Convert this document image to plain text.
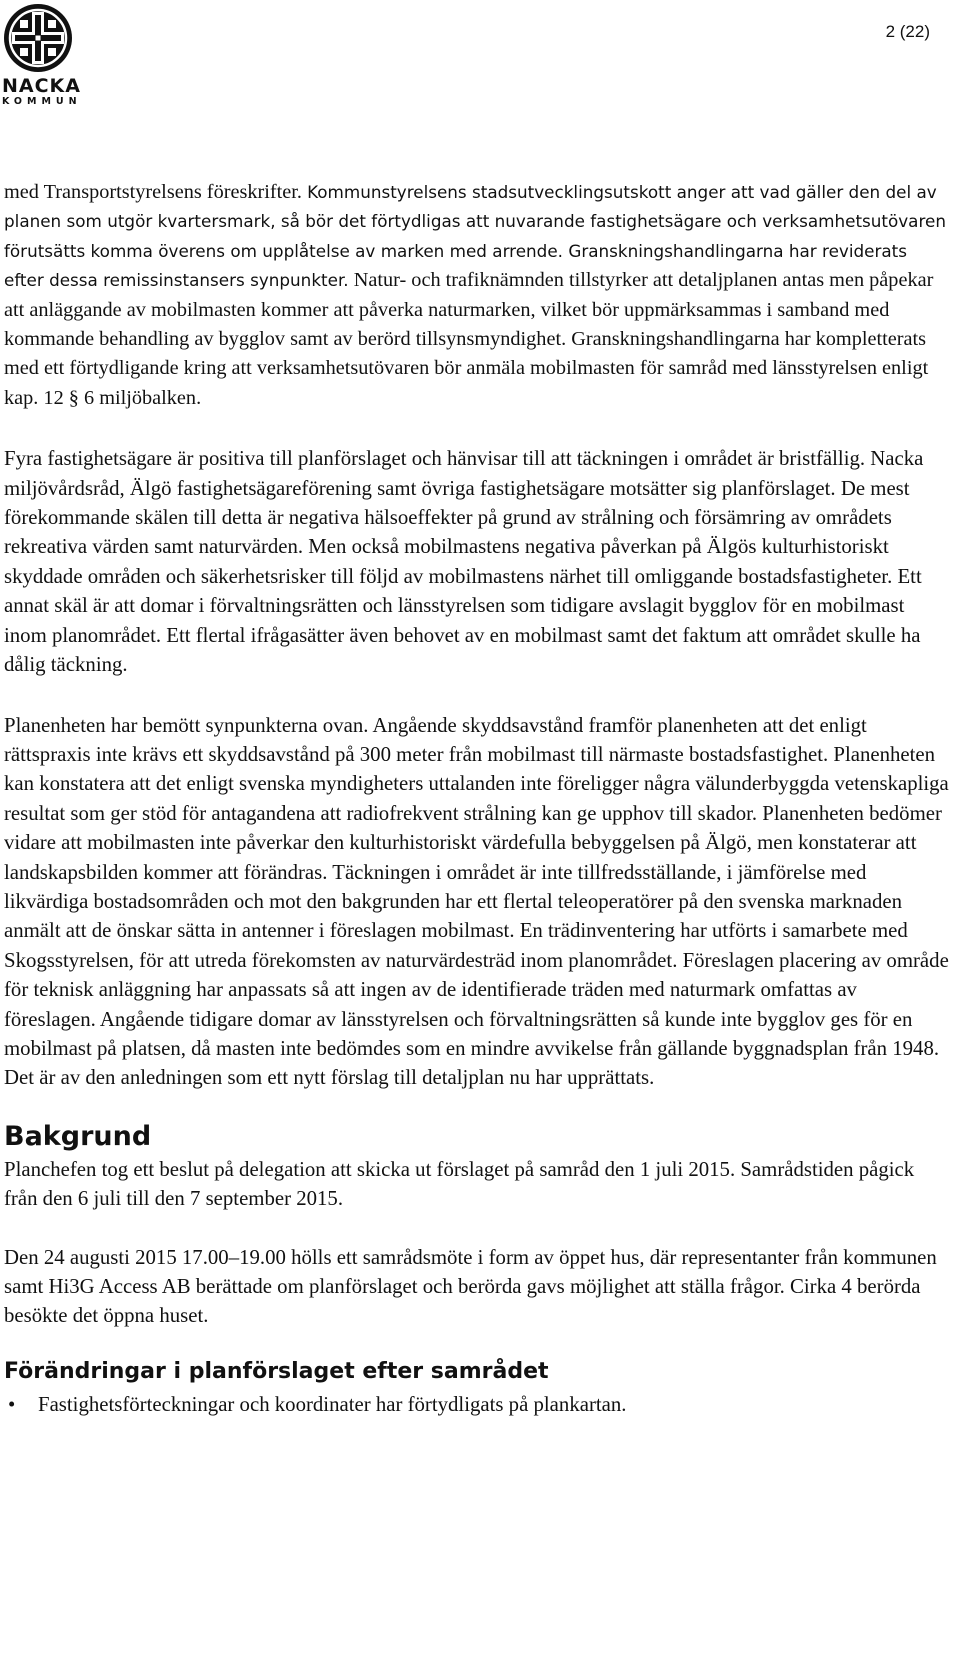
NACKA
KOMMUN
2 (22)

med Transportstyrelsens föreskrifter. Kommunstyrelsens stadsutvecklingsutskott anger att vad gäller den del av planen som utgör kvartersmark, så bör det förtydligas att nuvarande fastighetsägare och verksamhetsutövaren förutsätts komma överens om upplåtelse av marken med arrende. Granskningshandlingarna har reviderats efter dessa remissinstansers synpunkter. Natur- och trafiknämnden tillstyrker att detaljplanen antas men påpekar att anläggande av mobilmasten kommer att påverka naturmarken, vilket bör uppmärksammas i samband med kommande behandling av bygglov samt av berörd tillsynsmyndighet. Granskningshandlingarna har kompletterats med ett förtydligande kring att verksamhetsutövaren bör anmäla mobilmasten för samråd med länsstyrelsen enligt kap. 12 § 6 miljöbalken.

Fyra fastighetsägare är positiva till planförslaget och hänvisar till att täckningen i området är bristfällig. Nacka miljövårdsråd, Älgö fastighetsägareförening samt övriga fastighetsägare motsätter sig planförslaget. De mest förekommande skälen till detta är negativa hälsoeffekter på grund av strålning och försämring av områdets rekreativa värden samt naturvärden. Men också mobilmastens negativa påverkan på Älgös kulturhistoriskt skyddade områden och säkerhetsrisker till följd av mobilmastens närhet till omliggande bostadsfastigheter. Ett annat skäl är att domar i förvaltningsrätten och länsstyrelsen som tidigare avslagit bygglov för en mobilmast inom planområdet. Ett flertal ifrågasätter även behovet av en mobilmast samt det faktum att området skulle ha dålig täckning.

Planenheten har bemött synpunkterna ovan. Angående skyddsavstånd framför planenheten att det enligt rättspraxis inte krävs ett skyddsavstånd på 300 meter från mobilmast till närmaste bostadsfastighet. Planenheten kan konstatera att det enligt svenska myndigheters uttalanden inte föreligger några välunderbyggda vetenskapliga resultat som ger stöd för antagandena att radiofrekvent strålning kan ge upphov till skador. Planenheten bedömer vidare att mobilmasten inte påverkar den kulturhistoriskt värdefulla bebyggelsen på Älgö, men konstaterar att landskapsbilden kommer att förändras. Täckningen i området är inte tillfredsställande, i jämförelse med likvärdiga bostadsområden och mot den bakgrunden har ett flertal teleoperatörer på den svenska marknaden anmält att de önskar sätta in antenner i föreslagen mobilmast. En trädinventering har utförts i samarbete med Skogsstyrelsen, för att utreda förekomsten av naturvärdesträd inom planområdet. Föreslagen placering av område för teknisk anläggning har anpassats så att ingen av de identifierade träden med naturmark omfattas av föreslagen. Angående tidigare domar av länsstyrelsen och förvaltningsrätten så kunde inte bygglov ges för en mobilmast på platsen, då masten inte bedömdes som en mindre avvikelse från gällande byggnadsplan från 1948. Det är av den anledningen som ett nytt förslag till detaljplan nu har upprättats.

Bakgrund

Planchefen tog ett beslut på delegation att skicka ut förslaget på samråd den 1 juli 2015. Samrådstiden pågick från den 6 juli till den 7 september 2015.

Den 24 augusti 2015 17.00–19.00 hölls ett samrådsmöte i form av öppet hus, där representanter från kommunen samt Hi3G Access AB berättade om planförslaget och berörda gavs möjlighet att ställa frågor. Cirka 4 berörda besökte det öppna huset.

Förändringar i planförslaget efter samrådet
• Fastighetsförteckningar och koordinater har förtydligats på plankartan.
